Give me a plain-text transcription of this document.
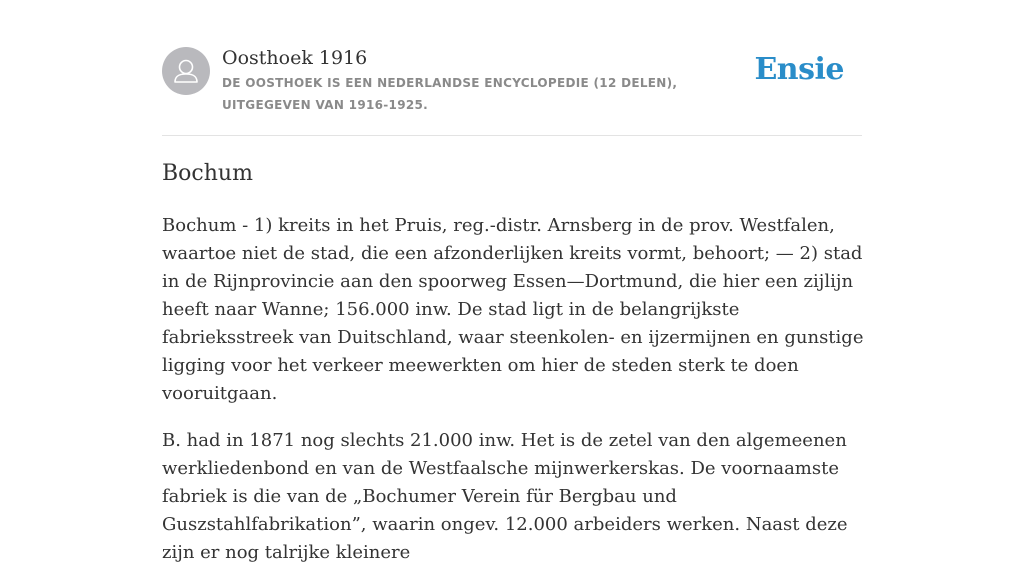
Oosthoek 1916
DE OOSTHOEK IS EEN NEDERLANDSE ENCYCLOPEDIE (12 DELEN), UITGEGEVEN VAN 1916-1925.
Ensie
Bochum

Bochum - 1) kreits in het Pruis, reg.-distr. Arnsberg in de prov. Westfalen, waartoe niet de stad, die een afzonderlijken kreits vormt, behoort; — 2) stad in de Rijnprovincie aan den spoorweg Essen—Dortmund, die hier een zijlijn heeft naar Wanne; 156.000 inw. De stad ligt in de belangrijkste fabrieksstreek van Duitschland, waar steenkolen- en ijzermijnen en gunstige ligging voor het verkeer meewerkten om hier de steden sterk te doen vooruitgaan.

B. had in 1871 nog slechts 21.000 inw. Het is de zetel van den algemeenen werkliedenbond en van de Westfaalsche mijnwerkerskas. De voornaamste fabriek is die van de „Bochumer Verein für Bergbau und Guszstahlfabrikation”, waarin ongev. 12.000 arbeiders werken. Naast deze zijn er nog talrijke kleinere
